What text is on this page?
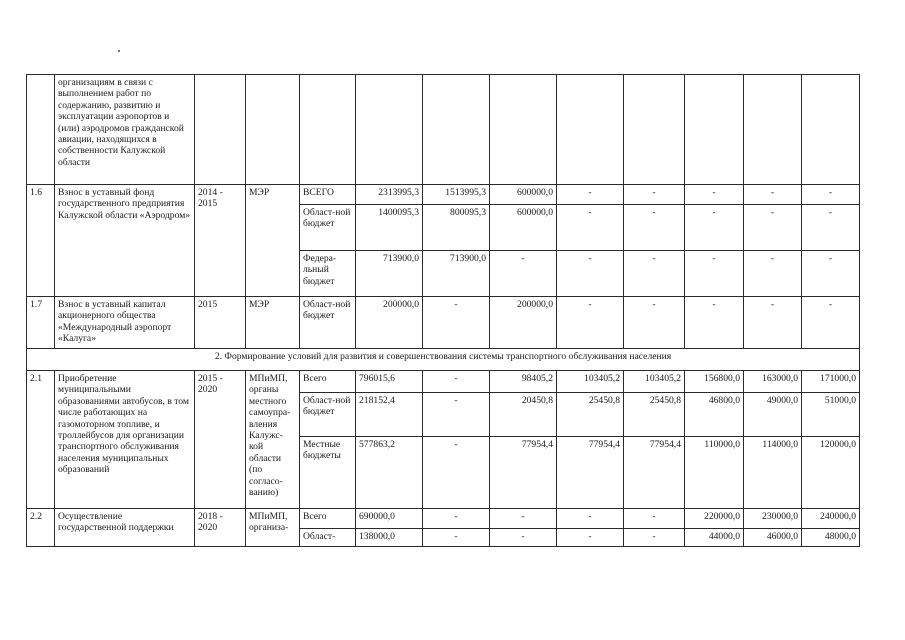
	организациям в связи с выполнением работ по содержанию, развитию и эксплуатации аэропортов и (или) аэродромов гражданской авиации, находящихся в собственности Калужской области											
1.6	Взнос в уставный фонд государственного предприятия Калужской области «Аэродром»	2014 - 2015	МЭР	ВСЕГО	2313995,3	1513995,3	600000,0	-	-	-	-	-
				Област-ной бюджет	1400095,3	800095,3	600000,0	-	-	-	-	-
				Федера-льный бюджет	713900,0	713900,0	-	-	-	-	-	-
1.7	Взнос в уставный капитал акционерного общества «Международный аэропорт «Калуга»	2015	МЭР	Област-ной бюджет	200000,0	-	200000,0	-	-	-	-	-
2. Формирование условий для развития и совершенствования системы транспортного обслуживания населения												
2.1	Приобретение муниципальными образованиями автобусов, в том числе работающих на газомоторном топливе, и троллейбусов для организации транспортного обслуживания населения муниципальных образований	2015 - 2020	МПиМП, органы местного самоупра-вления Калужс-кой области (по согласо-ванию)	Всего	796015,6	-	98405,2	103405,2	103405,2	156800,0	163000,0	171000,0
				Област-ной бюджет	218152,4	-	20450,8	25450,8	25450,8	46800,0	49000,0	51000,0
				Местные бюджеты	577863,2	-	77954,4	77954,4	77954,4	110000,0	114000,0	120000,0
2.2	Осуществление государственной поддержки	2018 - 2020	МПиМП, организа-	Всего	690000,0	-	-	-	-	220000,0	230000,0	240000,0
				Област-	138000,0	-	-	-	-	44000,0	46000,0	48000,0
